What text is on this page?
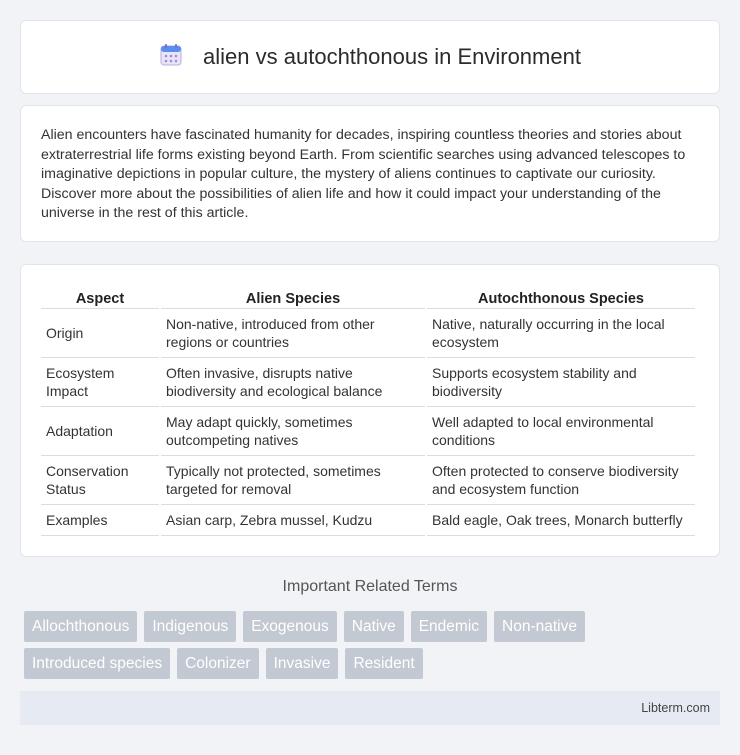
alien vs autochthonous in Environment

Alien encounters have fascinated humanity for decades, inspiring countless theories and stories about extraterrestrial life forms existing beyond Earth. From scientific searches using advanced telescopes to imaginative depictions in popular culture, the mystery of aliens continues to captivate our curiosity. Discover more about the possibilities of alien life and how it could impact your understanding of the universe in the rest of this article.

Aspect	Alien Species	Autochthonous Species
Origin	Non-native, introduced from other regions or countries	Native, naturally occurring in the local ecosystem
Ecosystem Impact	Often invasive, disrupts native biodiversity and ecological balance	Supports ecosystem stability and biodiversity
Adaptation	May adapt quickly, sometimes outcompeting natives	Well adapted to local environmental conditions
Conservation Status	Typically not protected, sometimes targeted for removal	Often protected to conserve biodiversity and ecosystem function
Examples	Asian carp, Zebra mussel, Kudzu	Bald eagle, Oak trees, Monarch butterfly
Important Related Terms
Allochthonous	Indigenous	Exogenous	Native	Endemic	Non-native
Introduced species	Colonizer	Invasive	Resident
Libterm.com
